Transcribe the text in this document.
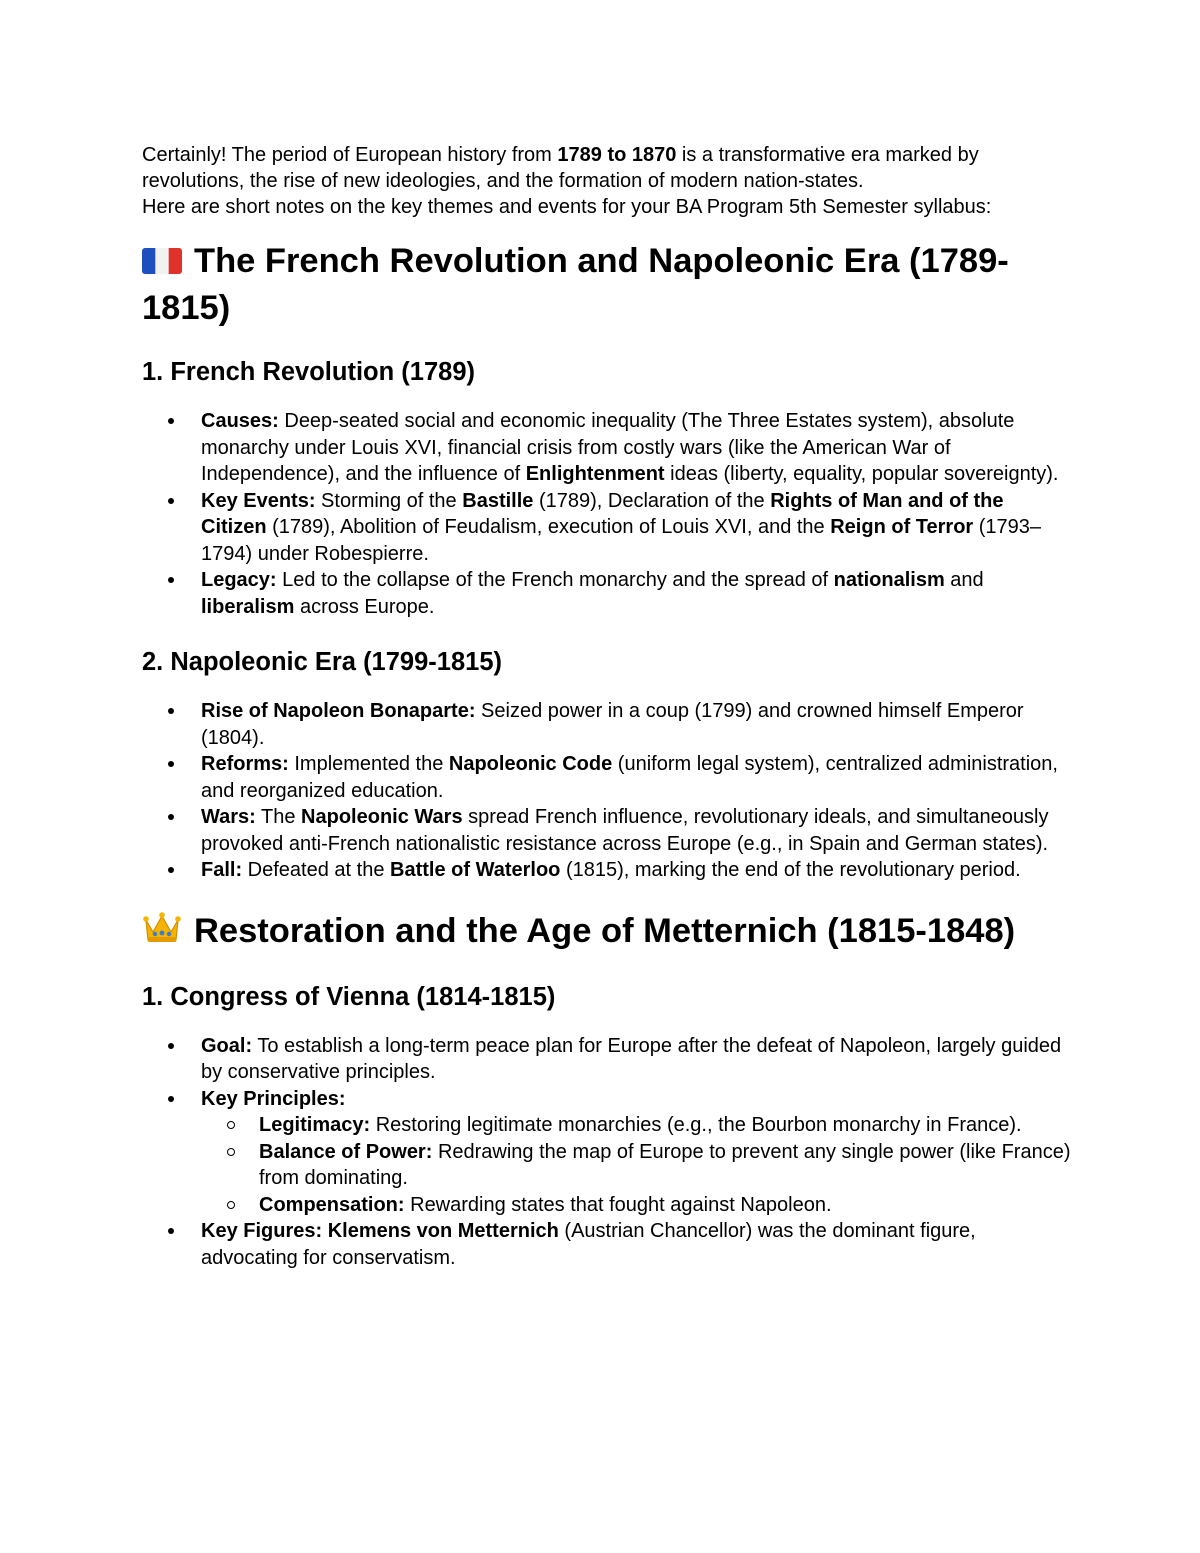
Certainly! The period of European history from 1789 to 1870 is a transformative era marked by revolutions, the rise of new ideologies, and the formation of modern nation-states.

Here are short notes on the key themes and events for your BA Program 5th Semester syllabus:

The French Revolution and Napoleonic Era (1789-1815)
1. French Revolution (1789)
Causes: Deep-seated social and economic inequality (The Three Estates system), absolute monarchy under Louis XVI, financial crisis from costly wars (like the American War of Independence), and the influence of Enlightenment ideas (liberty, equality, popular sovereignty).
Key Events: Storming of the Bastille (1789), Declaration of the Rights of Man and of the Citizen (1789), Abolition of Feudalism, execution of Louis XVI, and the Reign of Terror (1793–1794) under Robespierre.
Legacy: Led to the collapse of the French monarchy and the spread of nationalism and liberalism across Europe.
2. Napoleonic Era (1799-1815)
Rise of Napoleon Bonaparte: Seized power in a coup (1799) and crowned himself Emperor (1804).
Reforms: Implemented the Napoleonic Code (uniform legal system), centralized administration, and reorganized education.
Wars: The Napoleonic Wars spread French influence, revolutionary ideals, and simultaneously provoked anti-French nationalistic resistance across Europe (e.g., in Spain and German states).
Fall: Defeated at the Battle of Waterloo (1815), marking the end of the revolutionary period.
Restoration and the Age of Metternich (1815-1848)
1. Congress of Vienna (1814-1815)
Goal: To establish a long-term peace plan for Europe after the defeat of Napoleon, largely guided by conservative principles.
Key Principles:
Legitimacy: Restoring legitimate monarchies (e.g., the Bourbon monarchy in France).
Balance of Power: Redrawing the map of Europe to prevent any single power (like France) from dominating.
Compensation: Rewarding states that fought against Napoleon.
Key Figures: Klemens von Metternich (Austrian Chancellor) was the dominant figure, advocating for conservatism.
